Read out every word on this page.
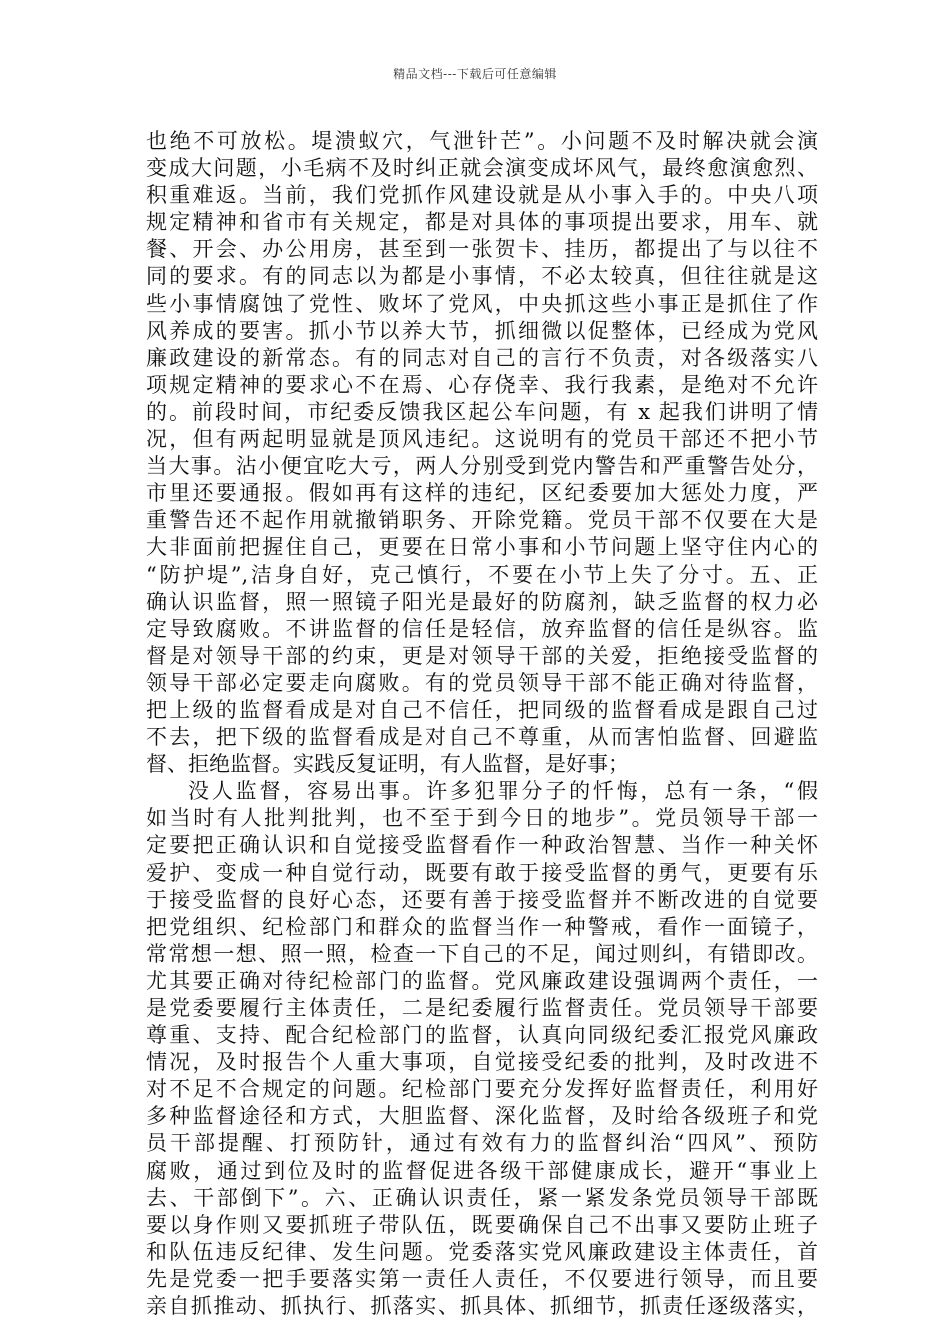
精品文档---下载后可任意编辑
也绝不可放松。堤溃蚁穴，气泄针芒”。小问题不及时解决就会演
变成大问题，小毛病不及时纠正就会演变成坏风气，最终愈演愈烈、
积重难返。当前，我们党抓作风建设就是从小事入手的。中央八项
规定精神和省市有关规定，都是对具体的事项提出要求，用车、就
餐、开会、办公用房，甚至到一张贺卡、挂历，都提出了与以往不
同的要求。有的同志以为都是小事情，不必太较真，但往往就是这
些小事情腐蚀了党性、败坏了党风，中央抓这些小事正是抓住了作
风养成的要害。抓小节以养大节，抓细微以促整体，已经成为党风
廉政建设的新常态。有的同志对自己的言行不负责，对各级落实八
项规定精神的要求心不在焉、心存侥幸、我行我素，是绝对不允许
的。前段时间，市纪委反馈我区起公车问题，有 x 起我们讲明了情
况，但有两起明显就是顶风违纪。这说明有的党员干部还不把小节
当大事。沾小便宜吃大亏，两人分别受到党内警告和严重警告处分，
市里还要通报。假如再有这样的违纪，区纪委要加大惩处力度，严
重警告还不起作用就撤销职务、开除党籍。党员干部不仅要在大是
大非面前把握住自己，更要在日常小事和小节问题上坚守住内心的
“防护堤”,洁身自好，克己慎行，不要在小节上失了分寸。五、正
确认识监督，照一照镜子阳光是最好的防腐剂，缺乏监督的权力必
定导致腐败。不讲监督的信任是轻信，放弃监督的信任是纵容。监
督是对领导干部的约束，更是对领导干部的关爱，拒绝接受监督的
领导干部必定要走向腐败。有的党员领导干部不能正确对待监督，
把上级的监督看成是对自己不信任，把同级的监督看成是跟自己过
不去，把下级的监督看成是对自己不尊重，从而害怕监督、回避监
督、拒绝监督。实践反复证明，有人监督，是好事；
没人监督，容易出事。许多犯罪分子的忏悔，总有一条，“假
如当时有人批判批判，也不至于到今日的地步”。党员领导干部一
定要把正确认识和自觉接受监督看作一种政治智慧、当作一种关怀
爱护、变成一种自觉行动，既要有敢于接受监督的勇气，更要有乐
于接受监督的良好心态，还要有善于接受监督并不断改进的自觉要
把党组织、纪检部门和群众的监督当作一种警戒，看作一面镜子，
常常想一想、照一照，检查一下自己的不足，闻过则纠，有错即改。
尤其要正确对待纪检部门的监督。党风廉政建设强调两个责任，一
是党委要履行主体责任，二是纪委履行监督责任。党员领导干部要
尊重、支持、配合纪检部门的监督，认真向同级纪委汇报党风廉政
情况，及时报告个人重大事项，自觉接受纪委的批判，及时改进不
对不足不合规定的问题。纪检部门要充分发挥好监督责任，利用好
多种监督途径和方式，大胆监督、深化监督，及时给各级班子和党
员干部提醒、打预防针，通过有效有力的监督纠治“四风”、预防
腐败，通过到位及时的监督促进各级干部健康成长，避开“事业上
去、干部倒下”。六、正确认识责任，紧一紧发条党员领导干部既
要以身作则又要抓班子带队伍，既要确保自己不出事又要防止班子
和队伍违反纪律、发生问题。党委落实党风廉政建设主体责任，首
先是党委一把手要落实第一责任人责任，不仅要进行领导，而且要
亲自抓推动、抓执行、抓落实、抓具体、抓细节，抓责任逐级落实，
